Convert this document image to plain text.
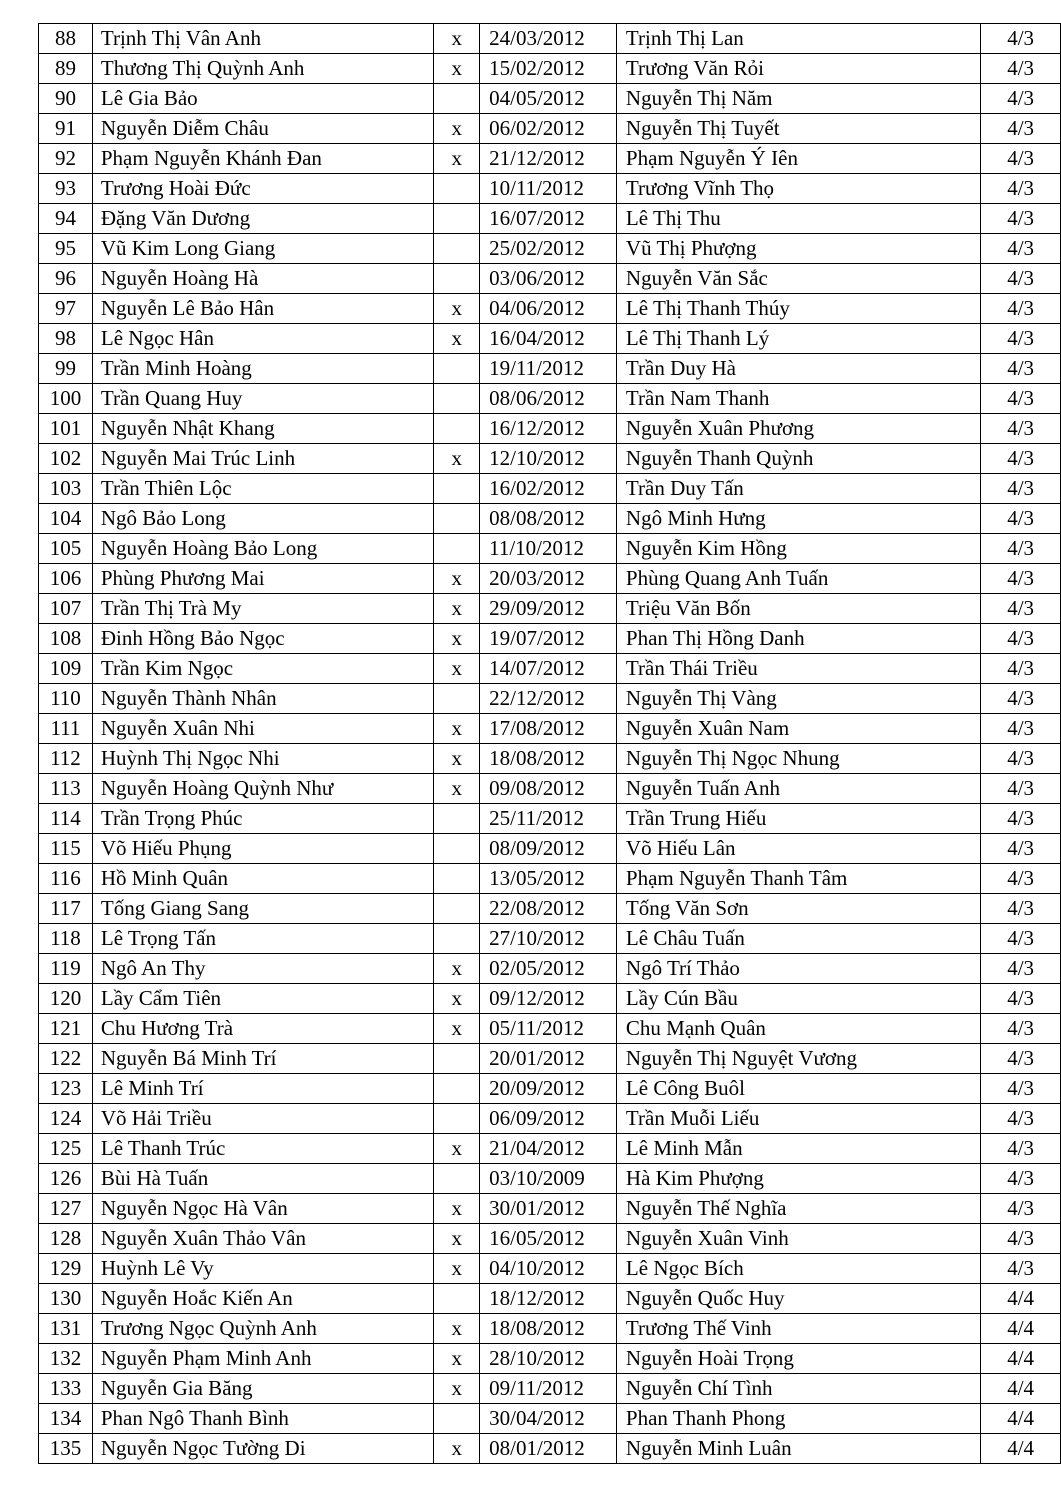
88	Trịnh Thị Vân Anh	x	24/03/2012	Trịnh Thị Lan	4/3
89	Thương Thị Quỳnh Anh	x	15/02/2012	Trương Văn Rỏi	4/3
90	Lê Gia Bảo		04/05/2012	Nguyễn Thị Năm	4/3
91	Nguyễn Diễm Châu	x	06/02/2012	Nguyễn Thị Tuyết	4/3
92	Phạm Nguyễn Khánh Đan	x	21/12/2012	Phạm Nguyễn Ý Iên	4/3
93	Trương Hoài Đức		10/11/2012	Trương Vĩnh Thọ	4/3
94	Đặng Văn Dương		16/07/2012	Lê Thị Thu	4/3
95	Vũ Kim Long Giang		25/02/2012	Vũ Thị Phượng	4/3
96	Nguyễn Hoàng Hà		03/06/2012	Nguyễn Văn Sắc	4/3
97	Nguyễn Lê Bảo Hân	x	04/06/2012	Lê Thị Thanh Thúy	4/3
98	Lê Ngọc Hân	x	16/04/2012	Lê Thị Thanh Lý	4/3
99	Trần Minh Hoàng		19/11/2012	Trần Duy Hà	4/3
100	Trần Quang Huy		08/06/2012	Trần Nam Thanh	4/3
101	Nguyễn Nhật Khang		16/12/2012	Nguyễn Xuân Phương	4/3
102	Nguyễn Mai Trúc Linh	x	12/10/2012	Nguyễn Thanh Quỳnh	4/3
103	Trần Thiên Lộc		16/02/2012	Trần Duy Tấn	4/3
104	Ngô Bảo Long		08/08/2012	Ngô Minh Hưng	4/3
105	Nguyễn Hoàng Bảo Long		11/10/2012	Nguyễn Kim Hồng	4/3
106	Phùng Phương Mai	x	20/03/2012	Phùng Quang Anh Tuấn	4/3
107	Trần Thị Trà My	x	29/09/2012	Triệu Văn Bốn	4/3
108	Đinh Hồng Bảo Ngọc	x	19/07/2012	Phan Thị Hồng Danh	4/3
109	Trần Kim Ngọc	x	14/07/2012	Trần Thái Triều	4/3
110	Nguyễn Thành Nhân		22/12/2012	Nguyễn Thị Vàng	4/3
111	Nguyễn Xuân Nhi	x	17/08/2012	Nguyễn Xuân Nam	4/3
112	Huỳnh Thị Ngọc Nhi	x	18/08/2012	Nguyễn Thị Ngọc Nhung	4/3
113	Nguyễn Hoàng Quỳnh Như	x	09/08/2012	Nguyễn Tuấn Anh	4/3
114	Trần Trọng Phúc		25/11/2012	Trần Trung Hiếu	4/3
115	Võ Hiếu Phụng		08/09/2012	Võ Hiếu Lân	4/3
116	Hồ Minh Quân		13/05/2012	Phạm Nguyễn Thanh Tâm	4/3
117	Tống Giang Sang		22/08/2012	Tống Văn Sơn	4/3
118	Lê Trọng Tấn		27/10/2012	Lê Châu Tuấn	4/3
119	Ngô An Thy	x	02/05/2012	Ngô Trí Thảo	4/3
120	Lầy Cẩm Tiên	x	09/12/2012	Lầy Cún Bầu	4/3
121	Chu Hương Trà	x	05/11/2012	Chu Mạnh Quân	4/3
122	Nguyễn Bá Minh Trí		20/01/2012	Nguyễn Thị Nguyệt Vương	4/3
123	Lê Minh Trí		20/09/2012	Lê Công Buôl	4/3
124	Võ Hải Triều		06/09/2012	Trần Muỗi Liếu	4/3
125	Lê Thanh Trúc	x	21/04/2012	Lê Minh Mẫn	4/3
126	Bùi Hà Tuấn		03/10/2009	Hà Kim Phượng	4/3
127	Nguyễn Ngọc Hà Vân	x	30/01/2012	Nguyễn Thế Nghĩa	4/3
128	Nguyễn Xuân Thảo Vân	x	16/05/2012	Nguyễn Xuân Vinh	4/3
129	Huỳnh Lê Vy	x	04/10/2012	Lê Ngọc Bích	4/3
130	Nguyễn Hoắc Kiến An		18/12/2012	Nguyễn Quốc Huy	4/4
131	Trương Ngọc Quỳnh Anh	x	18/08/2012	Trương Thế Vinh	4/4
132	Nguyễn Phạm Minh Anh	x	28/10/2012	Nguyễn Hoài Trọng	4/4
133	Nguyễn Gia Băng	x	09/11/2012	Nguyễn Chí Tình	4/4
134	Phan Ngô Thanh Bình		30/04/2012	Phan Thanh Phong	4/4
135	Nguyễn Ngọc Tường Di	x	08/01/2012	Nguyễn Minh Luân	4/4
